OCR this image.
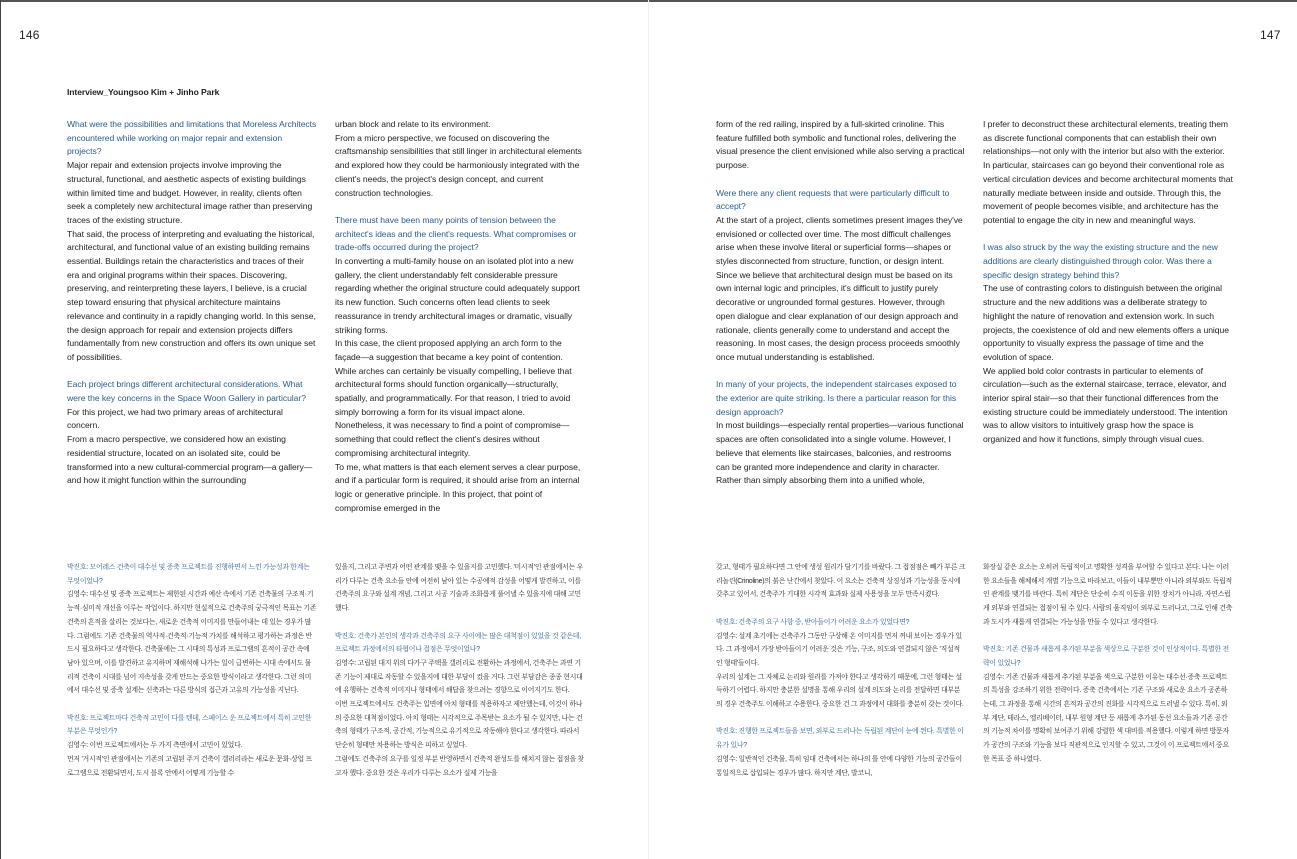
146	147
Interview_Youngsoo Kim + Jinho Park

What were the possibilities and limitations that Moreless Architects encountered while working on major repair and extension projects?

Major repair and extension projects involve improving the structural, functional, and aesthetic aspects of existing buildings within limited time and budget. However, in reality, clients often seek a completely new architectural image rather than preserving traces of the existing structure.

That said, the process of interpreting and evaluating the historical, architectural, and functional value of an existing building remains essential. Buildings retain the characteristics and traces of their era and original programs within their spaces. Discovering, preserving, and reinterpreting these layers, I believe, is a crucial step toward ensuring that physical architecture maintains relevance and continuity in a rapidly changing world. In this sense, the design approach for repair and extension projects differs fundamentally from new construction and offers its own unique set of possibilities.

Each project brings different architectural considerations. What were the key concerns in the Space Woon Gallery in particular?

For this project, we had two primary areas of architectural concern.

From a macro perspective, we considered how an existing residential structure, located on an isolated site, could be transformed into a new cultural-commercial program—a gallery—and how it might function within the surrounding

urban block and relate to its environment.

From a micro perspective, we focused on discovering the craftsmanship sensibilities that still linger in architectural elements and explored how they could be harmoniously integrated with the client's needs, the project's design concept, and current construction technologies.

There must have been many points of tension between the architect's ideas and the client's requests. What compromises or trade-offs occurred during the project?

In converting a multi-family house on an isolated plot into a new gallery, the client understandably felt considerable pressure regarding whether the original structure could adequately support its new function. Such concerns often lead clients to seek reassurance in trendy architectural images or dramatic, visually striking forms.

In this case, the client proposed applying an arch form to the façade—a suggestion that became a key point of contention. While arches can certainly be visually compelling, I believe that architectural forms should function organically—structurally, spatially, and programmatically. For that reason, I tried to avoid simply borrowing a form for its visual impact alone.

Nonetheless, it was necessary to find a point of compromise—something that could reflect the client's desires without compromising architectural integrity.

To me, what matters is that each element serves a clear purpose, and if a particular form is required, it should arise from an internal logic or generative principle. In this project, that point of compromise emerged in the

form of the red railing, inspired by a full-skirted crinoline. This feature fulfilled both symbolic and functional roles, delivering the visual presence the client envisioned while also serving a practical purpose.

Were there any client requests that were particularly difficult to accept?

At the start of a project, clients sometimes present images they've envisioned or collected over time. The most difficult challenges arise when these involve literal or superficial forms—shapes or styles disconnected from structure, function, or design intent.

Since we believe that architectural design must be based on its own internal logic and principles, it's difficult to justify purely decorative or ungrounded formal gestures. However, through open dialogue and clear explanation of our design approach and rationale, clients generally come to understand and accept the reasoning. In most cases, the design process proceeds smoothly once mutual understanding is established.

In many of your projects, the independent staircases exposed to the exterior are quite striking. Is there a particular reason for this design approach?

In most buildings—especially rental properties—various functional spaces are often consolidated into a single volume. However, I believe that elements like staircases, balconies, and restrooms can be granted more independence and clarity in character.

Rather than simply absorbing them into a unified whole,

I prefer to deconstruct these architectural elements, treating them as discrete functional components that can establish their own relationships—not only with the interior but also with the exterior.

In particular, staircases can go beyond their conventional role as vertical circulation devices and become architectural moments that naturally mediate between inside and outside. Through this, the movement of people becomes visible, and architecture has the potential to engage the city in new and meaningful ways.

I was also struck by the way the existing structure and the new additions are clearly distinguished through color. Was there a specific design strategy behind this?

The use of contrasting colors to distinguish between the original structure and the new additions was a deliberate strategy to highlight the nature of renovation and extension work. In such projects, the coexistence of old and new elements offers a unique opportunity to visually express the passage of time and the evolution of space.

We applied bold color contrasts in particular to elements of circulation—such as the external staircase, terrace, elevator, and interior spiral stair—so that their functional differences from the existing structure could be immediately understood. The intention was to allow visitors to intuitively grasp how the space is organized and how it functions, simply through visual cues.

박진호: 모어레스 건축이 대수선 및 증축 프로젝트를 진행하면서 느낀 가능성과 한계는 무엇이었나?

김영수: 대수선 및 증축 프로젝트는 제한된 시간과 예산 속에서 기존 건축물의 구조적·기능적·심미적 개선을 이루는 작업이다. 하지만 현실적으로 건축주의 궁극적인 목표는 기존 건축의 흔적을 살리는 것보다는, 새로운 건축적 이미지를 만들어내는 데 있는 경우가 많다. 그럼에도 기존 건축물의 역사적·건축적·기능적 가치를 해석하고 평가하는 과정은 반드시 필요하다고 생각한다. 건축물에는 그 시대의 특성과 프로그램의 흔적이 공간 속에 남아 있으며, 이를 발견하고 유지하며 재해석해 나가는 일이 급변하는 시대 속에서도 물리적 건축이 시대를 넘어 지속성을 갖게 만드는 중요한 방식이라고 생각한다. 그런 의미에서 대수선 및 증축 설계는 신축과는 다른 방식의 접근과 고유의 가능성을 지닌다.

박진호: 프로젝트마다 건축적 고민이 다를 텐데, 스페이스 운 프로젝트에서 특히 고민한 부분은 무엇인가?

김영수: 이번 프로젝트에서는 두 가지 측면에서 고민이 있었다.

먼저 '거시적'인 관점에서는 기존의 고립된 주거 건축이 갤러리라는 새로운 문화·상업 프로그램으로 전환되면서, 도시 블록 안에서 어떻게 기능할 수

있을지, 그리고 주변과 어떤 관계를 맺을 수 있을지를 고민했다. '미시적'인 관점에서는 우리가 다루는 건축 요소들 안에 여전히 남아 있는 수공예적 감성을 어떻게 발견하고, 이를 건축주의 요구와 설계 개념, 그리고 시공 기술과 조화롭게 풀어낼 수 있을지에 대해 고민했다.

박진호: 건축가 본인의 생각과 건축주의 요구 사이에는 많은 대척점이 있었을 것 같은데, 프로젝트 과정에서의 타협이나 접점은 무엇이었나?

김영수: 고립된 대지 위의 다가구 주택을 갤러리로 전환하는 과정에서, 건축주는 과연 기존 기능이 제대로 작동할 수 있을지에 대한 부담이 컸을 거다. 그런 부담감은 종종 현시대에 유행하는 건축적 이미지나 형태에서 해답을 찾으려는 경향으로 이어지기도 한다.

이번 프로젝트에서도 건축주는 입면에 아치 형태를 적용하자고 제안했는데, 이것이 하나의 중요한 대척점이었다. 아치 형태는 시각적으로 주목받는 요소가 될 수 있지만, 나는 건축의 형태가 구조적, 공간적, 기능적으로 유기적으로 작동해야 한다고 생각한다. 따라서 단순히 형태만 차용하는 방식은 피하고 싶었다.

그럼에도 건축주의 요구를 일정 부분 반영하면서 건축적 완성도를 해치지 않는 접점을 찾고자 했다. 중요한 것은 우리가 다루는 요소가 실제 기능을

갖고, 형태가 필요하다면 그 안에 생성 원리가 담기기를 바랐다. 그 접점점은 빼가 부른 크리놀린(Crinoline)의 붉은 난간에서 찾았다. 이 요소는 건축적 상징성과 기능성을 동시에 갖추고 있어서, 건축주가 기대한 시각적 효과와 실제 사용성을 모두 만족시켰다.

박진호: 건축주의 요구 사항 중, 받아들이기 어려운 요소가 있었다면?

김영수: 설계 초기에는 건축주가 그동안 구상해 온 이미지를 먼저 꺼내 보이는 경우가 있다. 그 과정에서 가장 받아들이기 어려운 것은 기능, 구조, 의도와 연결되지 않은 '직설적인 형태'들이다.

우리의 설계는 그 자체로 논리와 원리를 가져야 한다고 생각하기 때문에, 그런 형태는 설득하기 어렵다. 하지만 충분한 설명을 통해 우리의 설계 의도와 논리를 전달하면 대부분의 경우 건축주도 이해하고 수용한다. 중요한 건 그 과정에서 대화를 충분히 갖는 것이다.

박진호: 진행한 프로젝트들을 보면, 외부로 드러나는 독립된 계단이 눈에 띈다. 특별한 이유가 있나?

김영수: 일반적인 건축물, 특히 임대 건축에서는 하나의 틀 안에 다양한 기능의 공간들이 통일적으로 삽입되는 경우가 많다. 하지만 계단, 발코니,

화장실 같은 요소는 오히려 독립적이고 명확한 성격을 부여할 수 있다고 본다. 나는 이러한 요소들을 해체해서 개별 기능으로 바라보고, 이들이 내부뿐만 아니라 외부와도 독립적인 관계를 맺기를 바란다. 특히 계단은 단순히 수직 이동을 위한 장치가 아니라, 자연스럽게 외부와 연결되는 접점이 될 수 있다. 사람의 움직임이 외부로 드러나고, 그로 인해 건축과 도시가 새롭게 연결되는 가능성을 만들 수 있다고 생각한다.

박진호: 기존 건물과 새롭게 추가된 부분을 색상으로 구분한 것이 인상적이다. 특별한 전략이 있었나?

김영수: 기존 건물과 새롭게 추가된 부분을 색으로 구분한 이유는 대수선·증축 프로젝트의 특성을 강조하기 위한 전략이다. 증축 건축에서는 기존 구조와 새로운 요소가 공존하는데, 그 과정을 통해 시간의 흔적과 공간의 진화를 시각적으로 드러낼 수 있다. 특히, 외부 계단, 테라스, 엘리베이터, 내부 원형 계단 등 새롭게 추가된 동선 요소들과 기존 공간의 기능적 차이를 명확히 보여주기 위해 강렬한 색 대비를 적용했다. 이렇게 하면 방문자가 공간의 구조와 기능을 보다 직관적으로 인지할 수 있고, 그것이 이 프로젝트에서 중요한 목표 중 하나였다.
